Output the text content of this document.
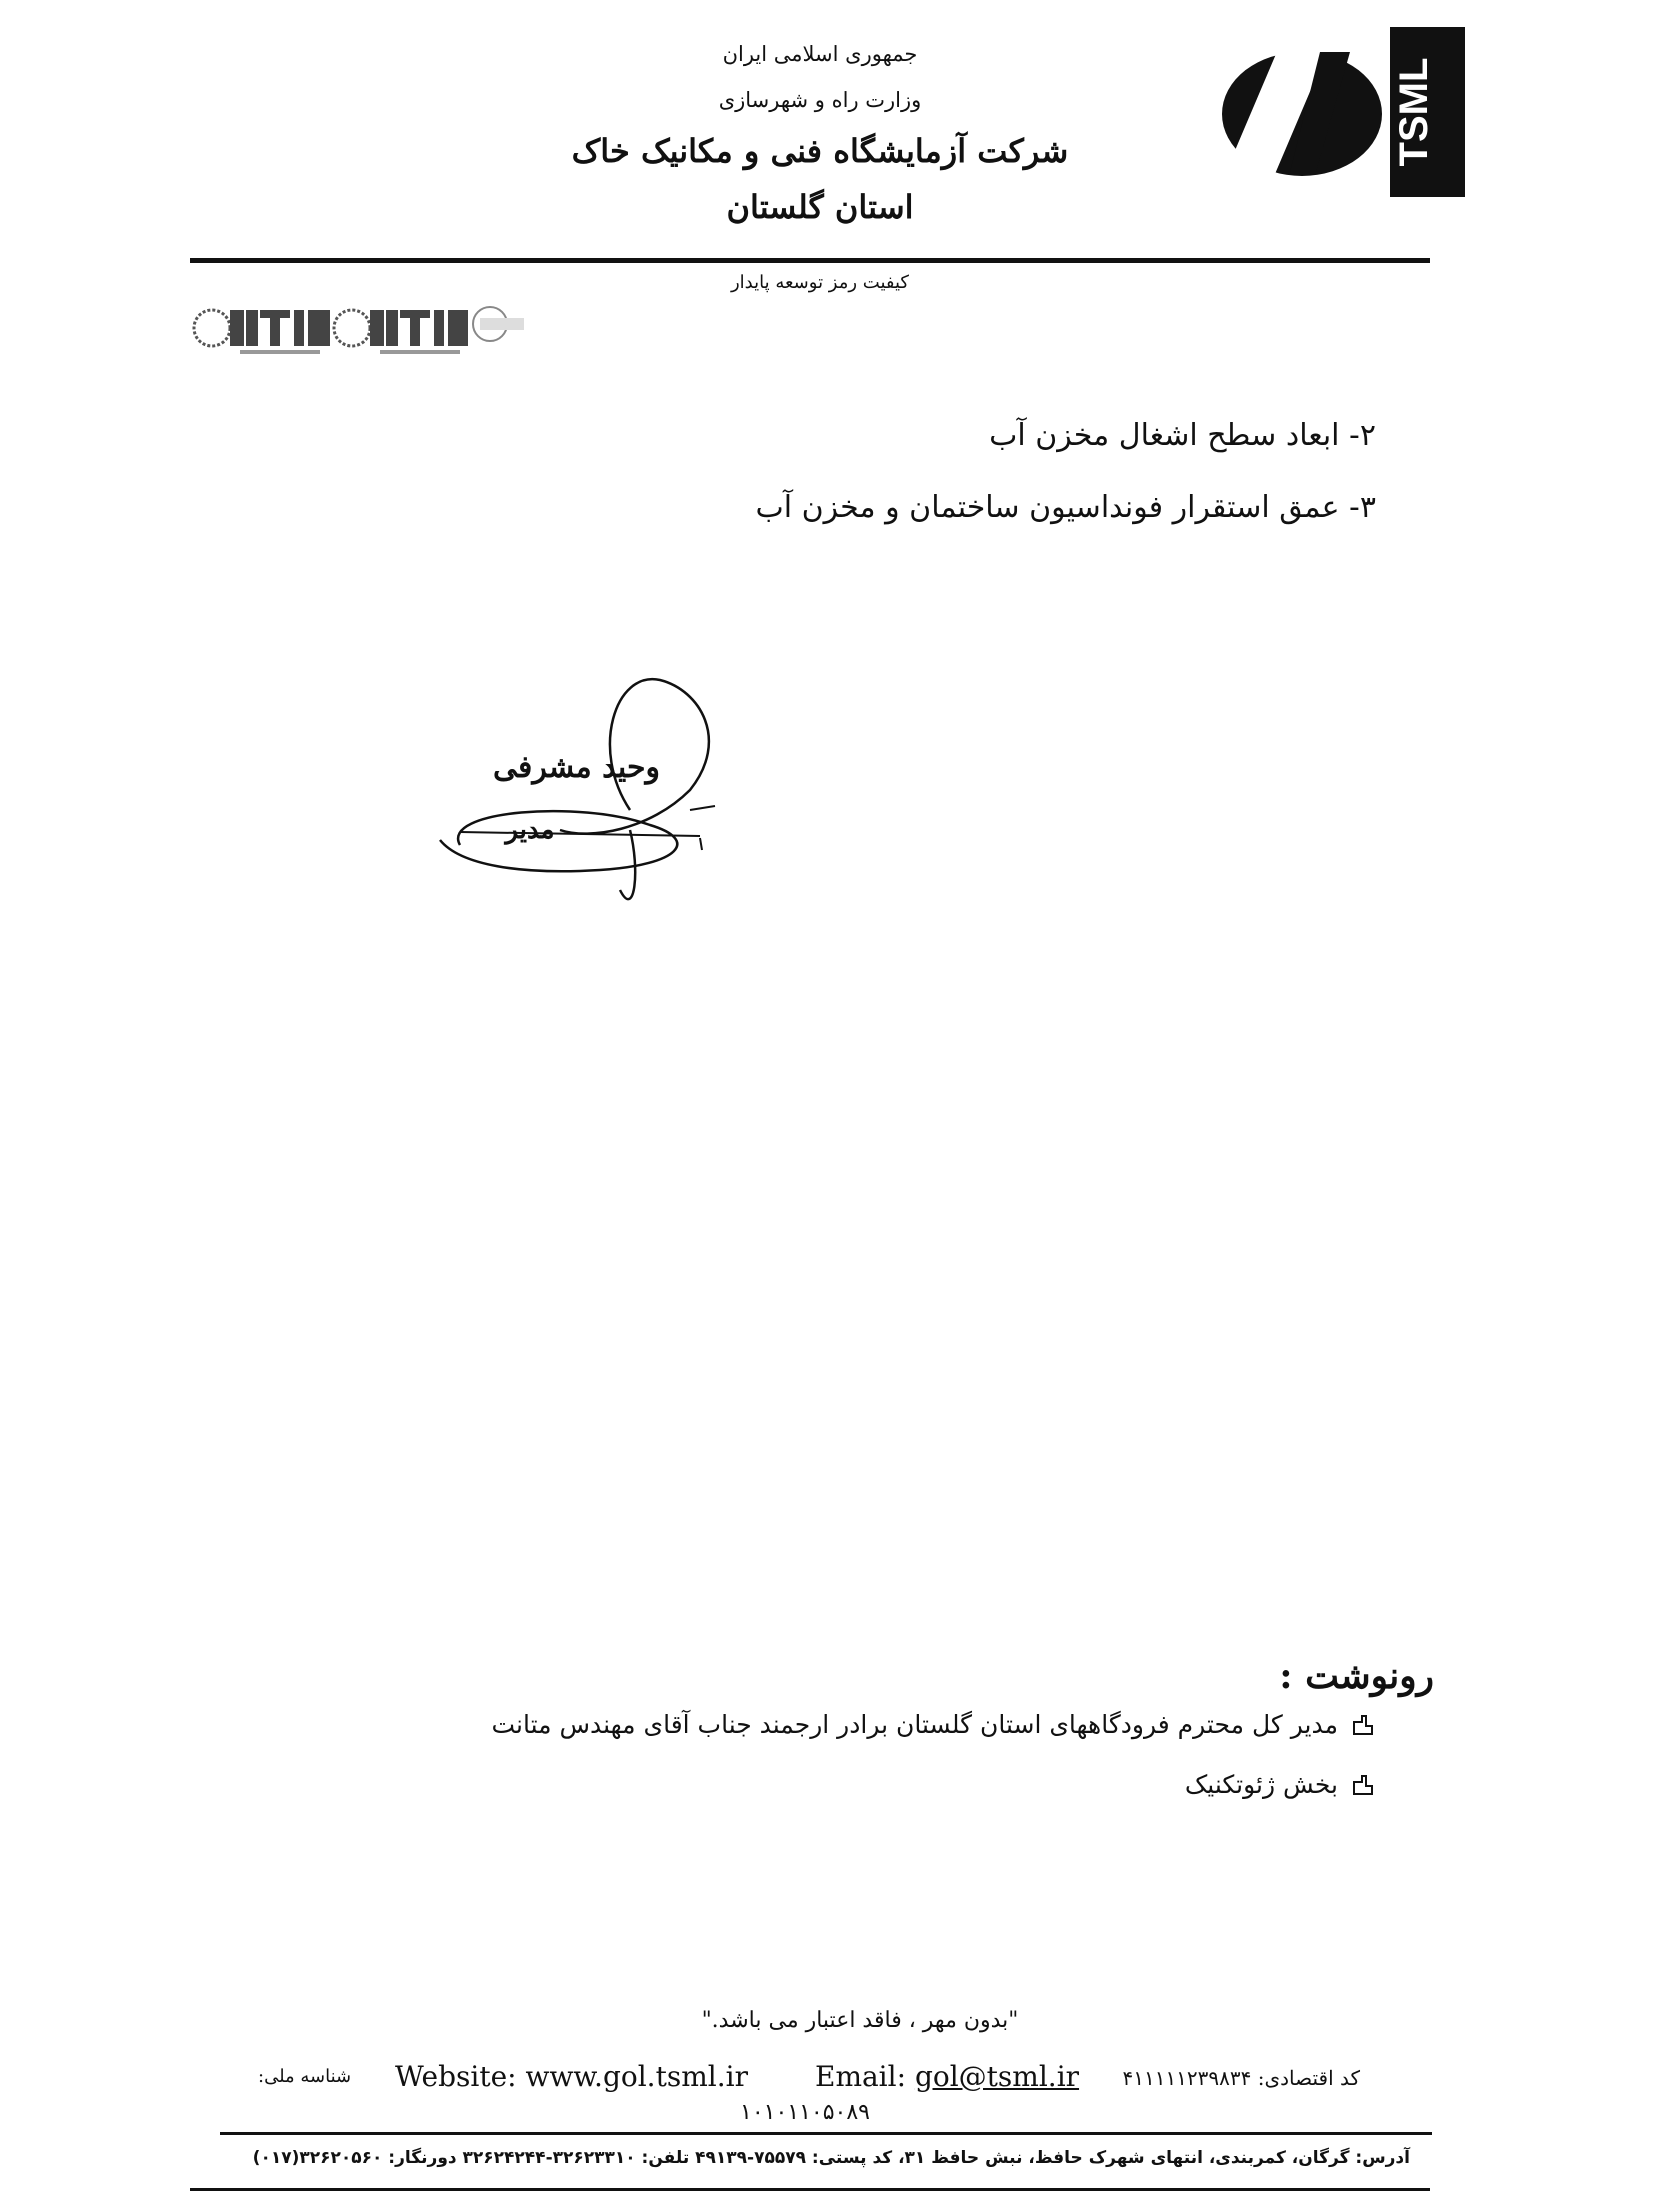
جمهوری اسلامی ایران
وزارت راه و شهرسازی
شرکت آزمایشگاه فنی و مکانیک خاک
استان گلستان
TSML
کیفیت رمز توسعه پایدار
۲- ابعاد سطح اشغال مخزن آب
۳- عمق استقرار فونداسیون ساختمان و مخزن آب
وحید مشرفی
مدیر
رونوشت :
مدیر کل محترم فرودگاههای استان گلستان برادر ارجمند جناب آقای مهندس متانت
بخش ژئوتکنیک
"بدون مهر ، فاقد اعتبار می باشد."
کد اقتصادی: ۴۱۱۱۱۱۲۳۹۸۳۴
Email: gol@tsml.ir
Website: www.gol.tsml.ir
شناسه ملی:
۱۰۱۰۱۱۰۵۰۸۹
آدرس: گرگان، کمربندی، انتهای شهرک حافظ، نبش حافظ ۳۱، کد پستی: ۷۵۵۷۹-۴۹۱۳۹ تلفن: ۳۲۶۲۳۳۱۰-۳۲۶۲۴۲۴۴ دورنگار: ۳۲۶۲۰۵۶۰(۰۱۷)
